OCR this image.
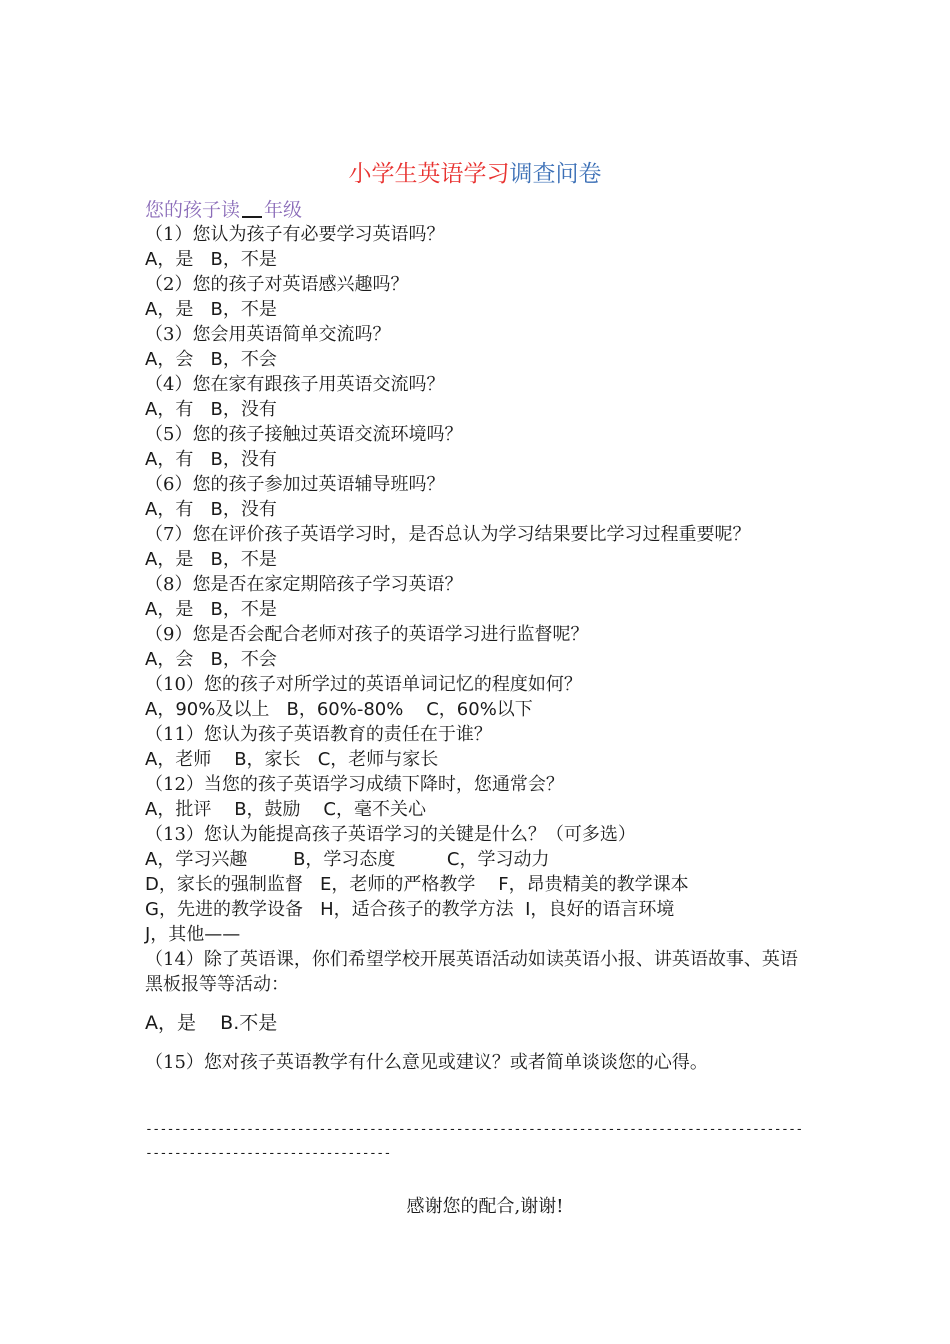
小学生英语学习调查问卷
您的孩子读 年级
（1）您认为孩子有必要学习英语吗？
A，是   B，不是
（2）您的孩子对英语感兴趣吗？
A，是   B，不是
（3）您会用英语简单交流吗？
A，会   B，不会
（4）您在家有跟孩子用英语交流吗？
A，有   B，没有
（5）您的孩子接触过英语交流环境吗？
A，有   B，没有
（6）您的孩子参加过英语辅导班吗？
A，有   B，没有
（7）您在评价孩子英语学习时，是否总认为学习结果要比学习过程重要呢？
A，是   B，不是
（8）您是否在家定期陪孩子学习英语？
A，是   B，不是
（9）您是否会配合老师对孩子的英语学习进行监督呢？
A，会   B，不会
（10）您的孩子对所学过的英语单词记忆的程度如何？
A，90%及以上   B，60%-80%    C，60%以下
（11）您认为孩子英语教育的责任在于谁？
A，老师    B，家长   C，老师与家长
（12）当您的孩子英语学习成绩下降时，您通常会？
A，批评    B，鼓励    C，毫不关心
（13）您认为能提高孩子英语学习的关键是什么？（可多选）
A，学习兴趣        B，学习态度         C，学习动力
D，家长的强制监督   E，老师的严格教学    F，昂贵精美的教学课本
G，先进的教学设备   H，适合孩子的教学方法  I，良好的语言环境
J，其他——
（14）除了英语课，你们希望学校开展英语活动如读英语小报、讲英语故事、英语黑板报等等活动：
A，是    B.不是
（15）您对孩子英语教学有什么意见或建议？或者简单谈谈您的心得。
-----------------------------------------------------------------------------------------------------------------------------
感谢您的配合,谢谢!
